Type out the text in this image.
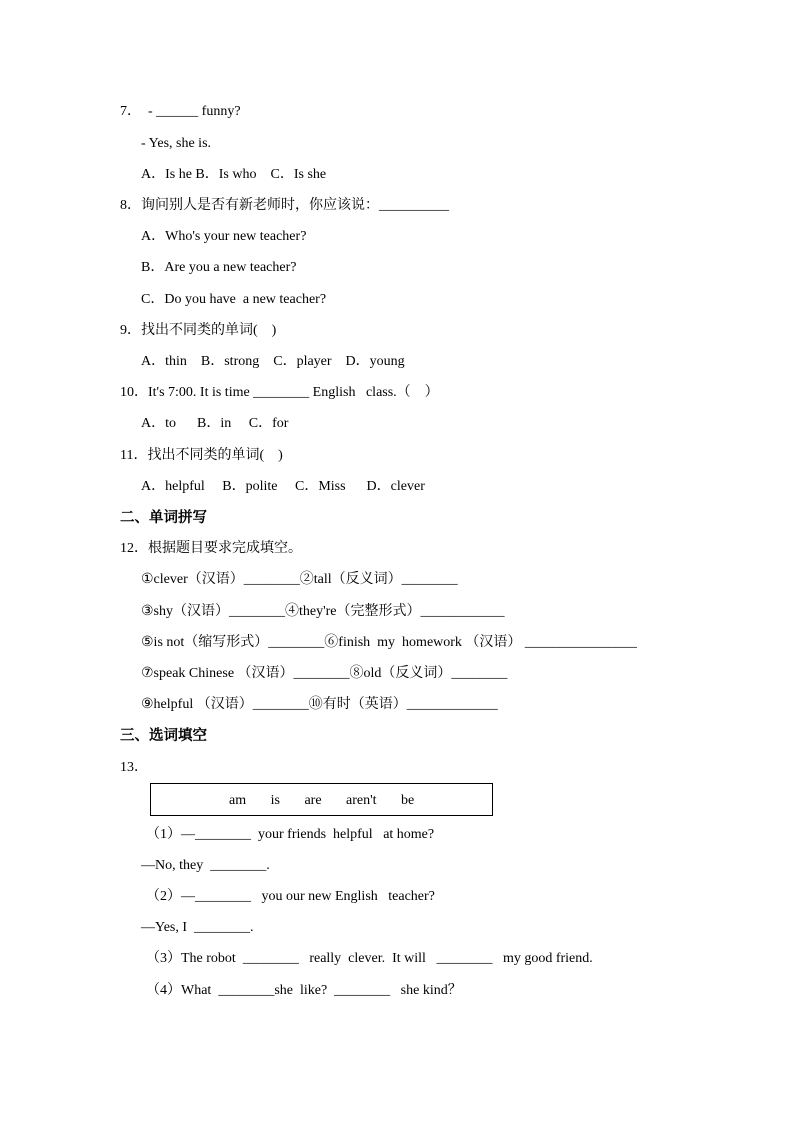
7．  - ______ funny?
- Yes, she is.
A．Is he B．Is who    C．Is she
8．询问别人是否有新老师时，你应该说：__________
A．Who's your new teacher?
B．Are you a new teacher?
C．Do you have  a new teacher?
9．找出不同类的单词(    )
A．thin    B．strong    C．player    D．young
10．It's 7:00. It is time ________ English   class.（    ）
A．to      B．in     C．for
11．找出不同类的单词(    )
A．helpful     B．polite     C．Miss      D．clever
二、单词拼写
12．根据题目要求完成填空。
①clever（汉语）________②tall（反义词）________
③shy（汉语）________④they're（完整形式）____________
⑤is not（缩写形式）________⑥finish  my  homework （汉语） ________________
⑦speak Chinese （汉语）________⑧old（反义词）________
⑨helpful （汉语）________⑩有时（英语）_____________
三、选词填空
13．
am       is       are       aren't       be
（1）—________  your friends  helpful   at home?
—No, they  ________.
（2）—________   you our new English   teacher?
—Yes, I  ________.
（3）The robot  ________   really  clever.  It will   ________   my good friend.
（4）What  ________she  like?  ________   she kind？
